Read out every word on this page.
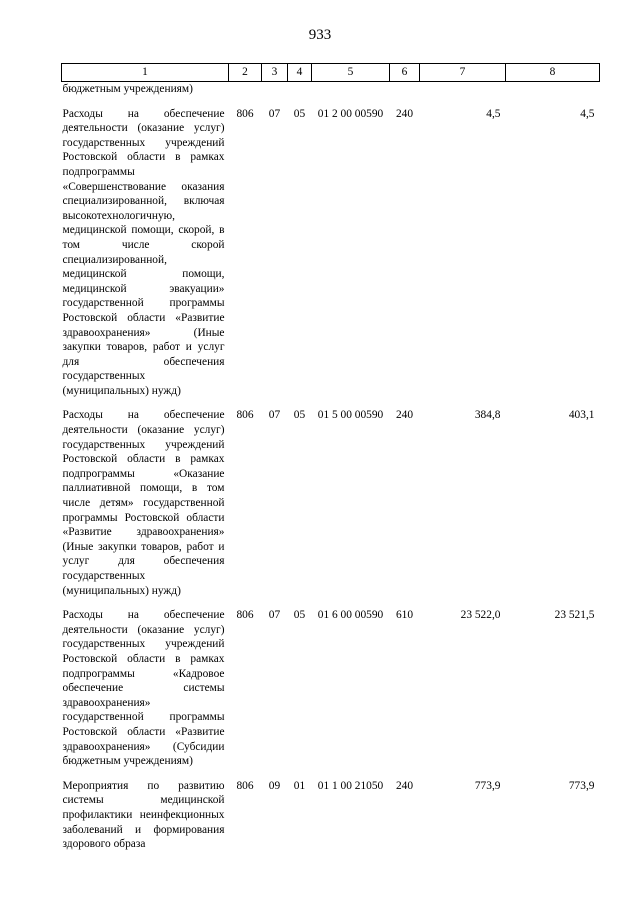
933
1	2	3	4	5	6	7	8
бюджетным учреждениям)							
Расходы на обеспечение деятельности (оказание услуг) государственных учреждений Ростовской области в рамках подпрограммы «Совершенствование оказания специализированной, включая высокотехнологичную, медицинской помощи, скорой, в том числе скорой специализированной, медицинской помощи, медицинской эвакуации» государственной программы Ростовской области «Развитие здравоохранения» (Иные закупки товаров, работ и услуг для обеспечения государственных (муниципальных) нужд)	806	07	05	01 2 00 00590	240	4,5	4,5
Расходы на обеспечение деятельности (оказание услуг) государственных учреждений Ростовской области в рамках подпрограммы «Оказание паллиативной помощи, в том числе детям» государственной программы Ростовской области «Развитие здравоохранения» (Иные закупки товаров, работ и услуг для обеспечения государственных (муниципальных) нужд)	806	07	05	01 5 00 00590	240	384,8	403,1
Расходы на обеспечение деятельности (оказание услуг) государственных учреждений Ростовской области в рамках подпрограммы «Кадровое обеспечение системы здравоохранения» государственной программы Ростовской области «Развитие здравоохранения» (Субсидии бюджетным учреждениям)	806	07	05	01 6 00 00590	610	23 522,0	23 521,5
Мероприятия по развитию системы медицинской профилактики неинфекционных заболеваний и формирования здорового образа	806	09	01	01 1 00 21050	240	773,9	773,9
